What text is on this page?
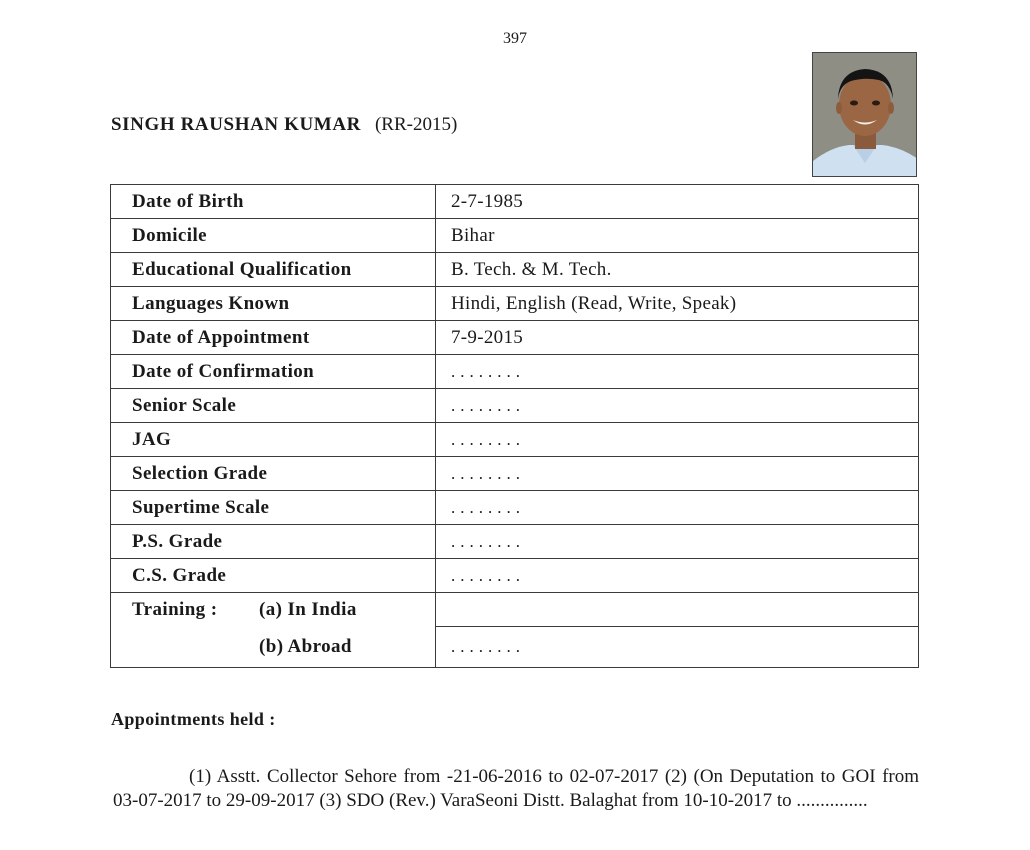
397
SINGH RAUSHAN KUMAR (RR-2015)
Date of Birth	2-7-1985
Domicile	Bihar
Educational Qualification	B. Tech. & M. Tech.
Languages Known	Hindi, English (Read, Write, Speak)
Date of Appointment	7-9-2015
Date of Confirmation	........
Senior Scale	........
JAG	........
Selection Grade	........
Supertime Scale	........
P.S. Grade	........
C.S. Grade	........
Training : (a) In India	
(b) Abroad	........
Appointments held :
(1) Asstt. Collector Sehore from -21-06-2016 to 02-07-2017 (2) (On Deputation to GOI from 03-07-2017 to 29-09-2017 (3) SDO (Rev.) VaraSeoni Distt. Balaghat from 10-10-2017 to ...............
